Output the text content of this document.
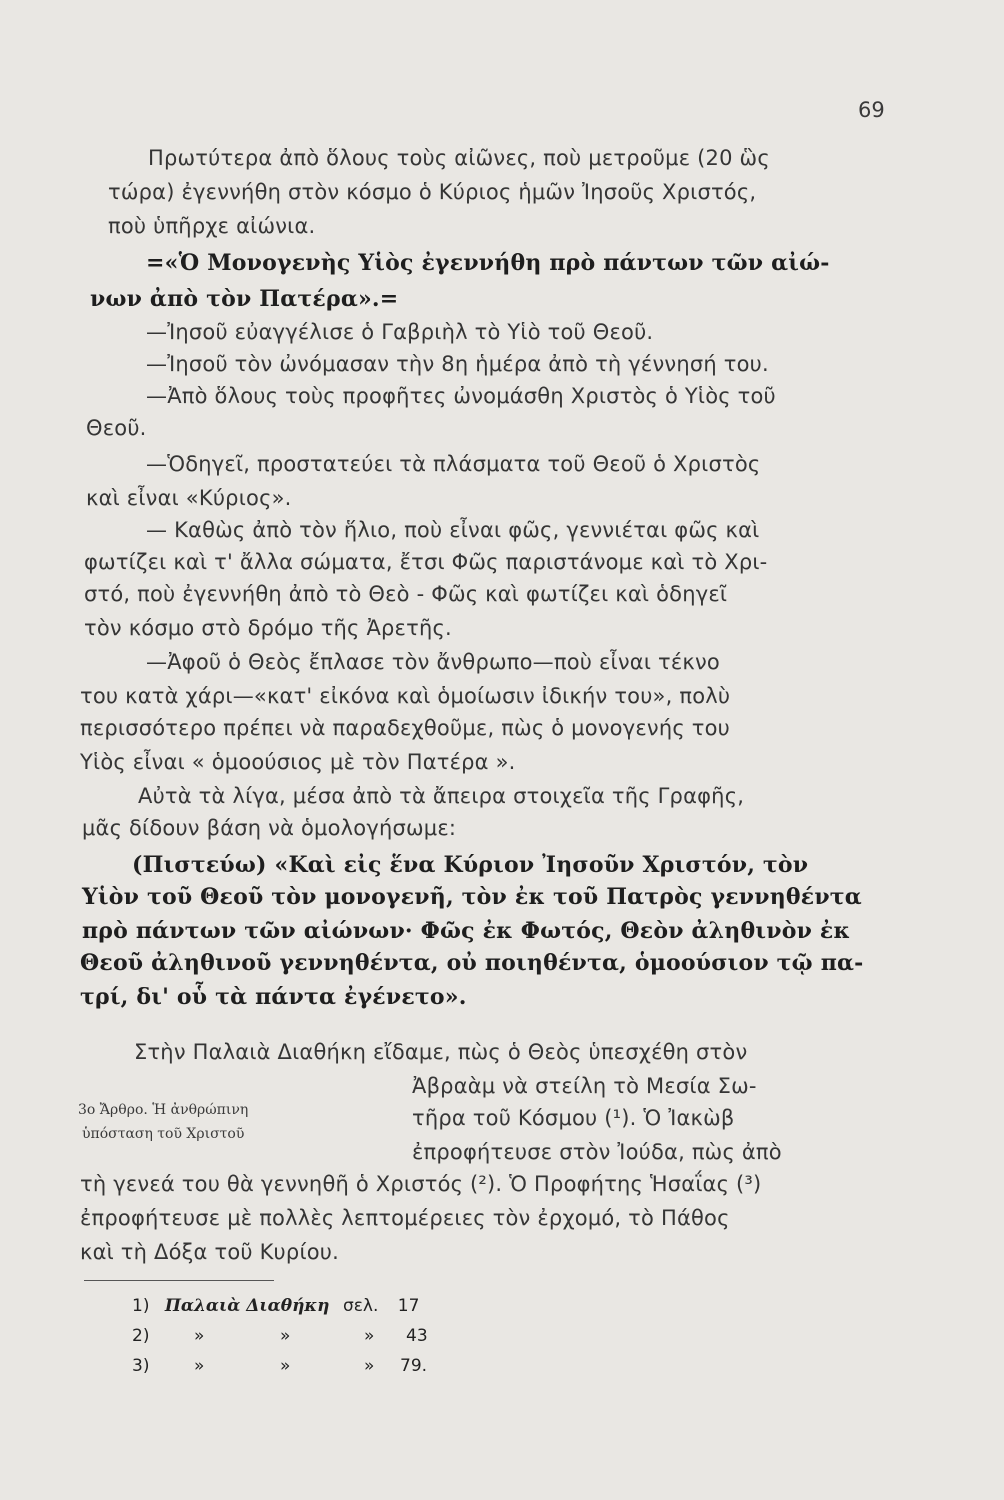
69
Πρωτύτερα ἀπὸ ὅλους τοὺς αἰῶνες, ποὺ μετροῦμε (20 ὣς
τώρα) ἐγεννήθη στὸν κόσμο ὁ Κύριος ἡμῶν Ἰησοῦς Χριστός,
ποὺ ὑπῆρχε αἰώνια.
=«Ὁ Μονογενὴς Υἱὸς ἐγεννήθη πρὸ πάντων τῶν αἰώ-
νων ἀπὸ τὸν Πατέρα».=
—Ἰησοῦ εὐαγγέλισε ὁ Γαβριὴλ τὸ Υἱὸ τοῦ Θεοῦ.
—Ἰησοῦ τὸν ὠνόμασαν τὴν 8η ἡμέρα ἀπὸ τὴ γέννησή του.
—Ἀπὸ ὅλους τοὺς προφῆτες ὠνομάσθη Χριστὸς ὁ Υἱὸς τοῦ
Θεοῦ.
—Ὁδηγεῖ, προστατεύει τὰ πλάσματα τοῦ Θεοῦ ὁ Χριστὸς
καὶ εἶναι «Κύριος».
— Καθὼς ἀπὸ τὸν ἥλιο, ποὺ εἶναι φῶς, γεννιέται φῶς καὶ
φωτίζει καὶ τ' ἄλλα σώματα, ἔτσι Φῶς παριστάνομε καὶ τὸ Χρι-
στό, ποὺ ἐγεννήθη ἀπὸ τὸ Θεὸ - Φῶς καὶ φωτίζει καὶ ὁδηγεῖ
τὸν κόσμο στὸ δρόμο τῆς Ἀρετῆς.
—Ἀφοῦ ὁ Θεὸς ἔπλασε τὸν ἄνθρωπο—ποὺ εἶναι τέκνο
του κατὰ χάρι—«κατ' εἰκόνα καὶ ὁμοίωσιν ἰδικήν του», πολὺ
περισσότερο πρέπει νὰ παραδεχθοῦμε, πὼς ὁ μονογενής του
Υἱὸς εἶναι « ὁμοούσιος μὲ τὸν Πατέρα ».
Αὐτὰ τὰ λίγα, μέσα ἀπὸ τὰ ἄπειρα στοιχεῖα τῆς Γραφῆς,
μᾶς δίδουν βάση νὰ ὁμολογήσωμε:
(Πιστεύω) «Καὶ εἰς ἕνα Κύριον Ἰησοῦν Χριστόν, τὸν
Υἱὸν τοῦ Θεοῦ τὸν μονογενῆ, τὸν ἐκ τοῦ Πατρὸς γεννηθέντα
πρὸ πάντων τῶν αἰώνων· Φῶς ἐκ Φωτός, Θεὸν ἀληθινὸν ἐκ
Θεοῦ ἀληθινοῦ γεννηθέντα, οὐ ποιηθέντα, ὁμοούσιον τῷ πα-
τρί, δι' οὗ τὰ πάντα ἐγένετο».
Στὴν Παλαιὰ Διαθήκη εἴδαμε, πὼς ὁ Θεὸς ὑπεσχέθη στὸν
Ἀβραὰμ νὰ στείλη τὸ Μεσία Σω-
τῆρα τοῦ Κόσμου (¹). Ὁ Ἰακὼβ
ἐπροφήτευσε στὸν Ἰούδα, πὼς ἀπὸ
τὴ γενεά του θὰ γεννηθῆ ὁ Χριστός (²). Ὁ Προφήτης Ἡσαΐας (³)
ἐπροφήτευσε μὲ πολλὲς λεπτομέρειες τὸν ἐρχομό, τὸ Πάθος
καὶ τὴ Δόξα τοῦ Κυρίου.
3ο Ἄρθρο. Ἡ ἀνθρώπινη
ὑπόσταση τοῦ Χριστοῦ
1) Παλαιὰ Διαθήκη σελ. 17
2)	»	»	» 43
3)	»	»	» 79.
